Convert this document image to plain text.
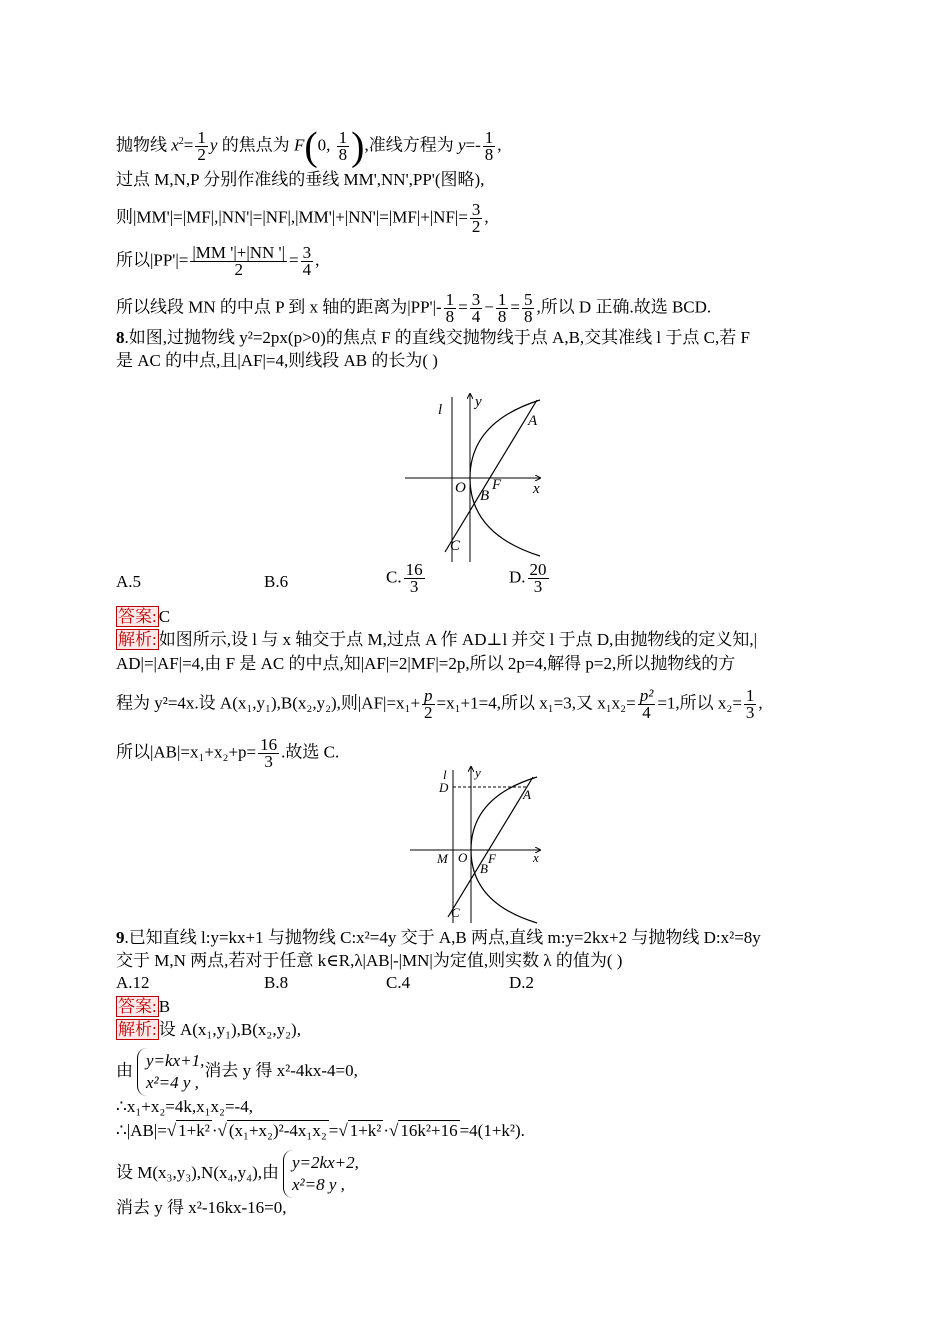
抛物线 $x^2= \frac{1}{2}$ y 的焦点为 F(0, $\frac{1}{8}$ ),准线方程为 $y=- \frac{1}{8}$ ,
过点 M,N,P 分别作准线的垂线 MM',NN',PP'(图略),
则$|MM'|=|MF|,|NN'|=|NF|,|MM'|+|NN'|=|MF|+|NF|= \frac{3}{2}$ ,
所以$|PP'|= \frac{|MM '|+|NN '|}{2} = \frac{3}{4}$ ,
所以线段 MN 的中点 P 到 x 轴的距离为$|PP'|- \frac{1}{8} = \frac{3}{4} - \frac{1}{8} = \frac{5}{8}$ ,所以 D 正确.故选 BCD.
8.如图,过抛物线 y²=2px(p>0)的焦点 F 的直线交抛物线于点 A,B,交其准线 l 于点 C,若 F
是 AC 的中点,且|AF|=4,则线段 AB 的长为( )
l y
x
O
A
B
F
C
A.5	B.6	C. $\frac{16}{3}$	D. $\frac{20}{3}$
答案: C
解析: 如图所示,设 l 与 x 轴交于点 M,过点 A 作 AD⊥l 并交 l 于点 D,由抛物线的定义知,|
AD|=|AF|=4,由 F 是 AC 的中点,知|AF|=2|MF|=2p,所以 2p=4,解得 p=2,所以抛物线的方
程为 y²=4x.设 A(x₁,y₁),B(x₂,y₂),则$|AF|=x_1+ \frac{p}{2} =x_1+1=4$,所以 x₁=3,又 $x_1x_2= \frac{\text{p²}}{4} =1$,所以 $x_2= \frac{1}{3}$ ,
所以$|AB|=x_1+x_2+p= \frac{16}{3}$ .故选 C.
l y
x
D
M O
A
F
B
C
9.已知直线 l:y=kx+1 与抛物线 C:x²=4y 交于 A,B 两点,直线 m:y=2kx+2 与抛物线 D:x²=8y
交于 M,N 两点,若对于任意 k∈R,λ|AB|-|MN|为定值,则实数 λ 的值为( )
A.12	B.8	C.4	D.2
答案: B
解析: 设 A(x₁,y₁),B(x₂,y₂),
由
y=kx+1,
x²=4 y ,
消去 y 得 x²-4kx-4=0,
∴x₁+x₂=4k,x₁x₂=-4,
∴|AB|=√ 1+k² ·√ (x₁+x₂)²-4x₁x₂ =√ 1+k² ·√ 16k²+16 =4(1+k²).
设 M(x₃,y₃),N(x₄,y₄),由
y=2kx+2,
x²=8 y ,
消去 y 得 x²-16kx-16=0,
